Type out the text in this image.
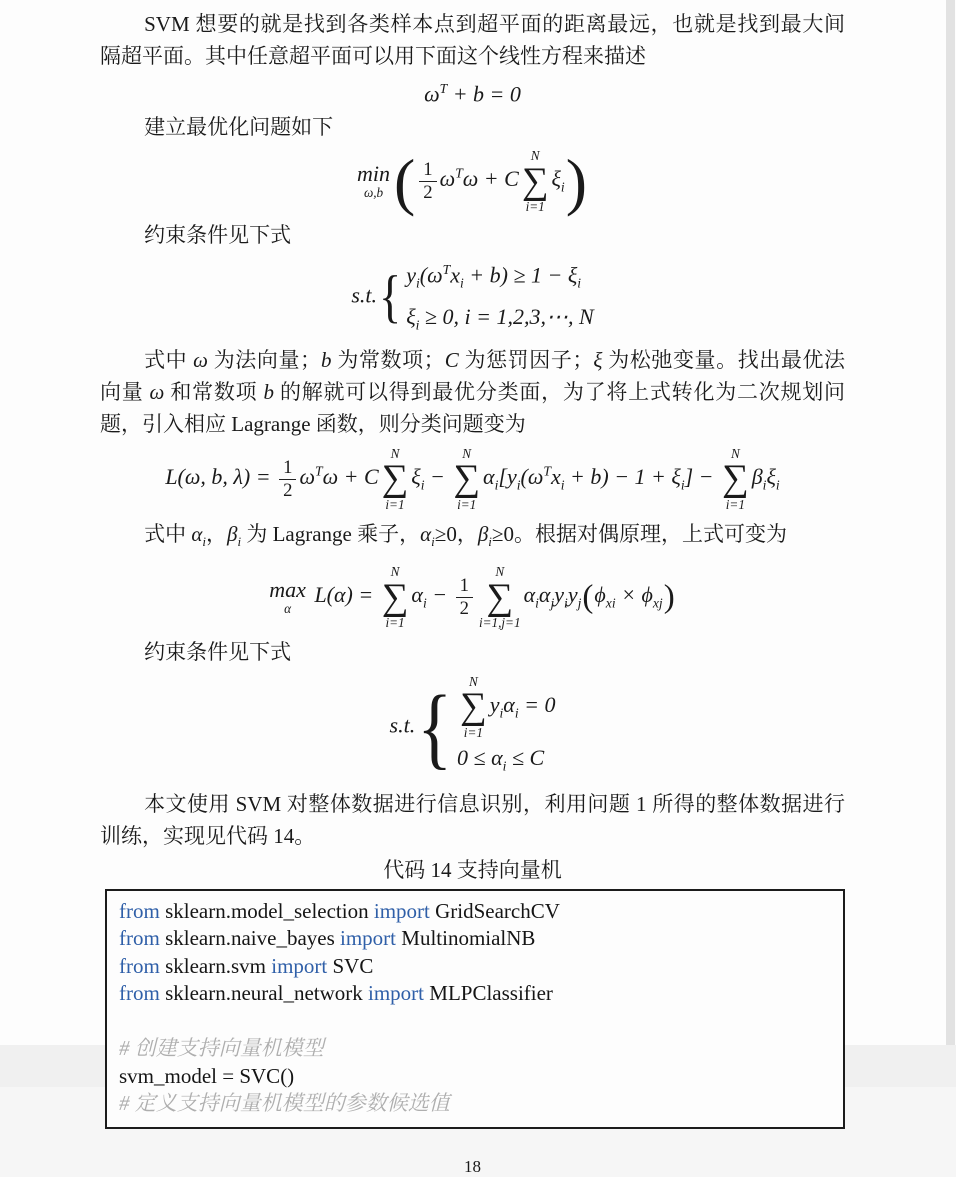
SVM 想要的就是找到各类样本点到超平面的距离最远，也就是找到最大间隔超平面。其中任意超平面可以用下面这个线性方程来描述

$\omega^T + b = 0$

建立最优化问题如下

min
ω,b ( $\frac{1}{2} \omega^T\omega + C$
N
∑
i=1
$\xi_i$)

约束条件见下式

s.t. { $y_i(\omega^Tx_i + b) \ge 1 - \xi_i$
$\xi_i \ge 0$, i = 1,2,3,⋯, N

式中 ω 为法向量；b 为常数项；C 为惩罚因子；ξ 为松弛变量。找出最优法向量 ω 和常数项 b 的解就可以得到最优分类面，为了将上式转化为二次规划问题，引入相应 Lagrange 函数，则分类问题变为

L(ω, b, $\lambda) = \frac{1}{2} \omega^T\omega + C$
N
∑
i=1
$\xi_i$ −
N
∑
i=1
$\alpha_i[y_i(\omega^Tx_i + b) - 1 + \xi_i]$ −
N
∑
i=1
$\beta_i\xi_i$

式中 $\alpha_i$，$\beta_i$ 为 Lagrange 乘子，$\alpha_i\ge 0$，$\beta_i\ge 0$。根据对偶原理，上式可变为

max
α
L(α) =
N
∑
i=1
$\alpha_i - \frac{1}{2}$
N
∑
i=1,j=1
$\alpha_i\alpha_jy_iy_j(\phi_{xi} \times \phi_{xj})$

约束条件见下式

s.t. { N
∑
i=1
$y_i\alpha_i = 0$
$0 \le \alpha_i \le C$

本文使用 SVM 对整体数据进行信息识别，利用问题 1 所得的整体数据进行训练，实现见代码 14。

代码 14 支持向量机
from sklearn.model_selection import GridSearchCV
from sklearn.naive_bayes import MultinomialNB
from sklearn.svm import SVC
from sklearn.neural_network import MLPClassifier
# 创建支持向量机模型
svm_model = SVC()
# 定义支持向量机模型的参数候选值
18
